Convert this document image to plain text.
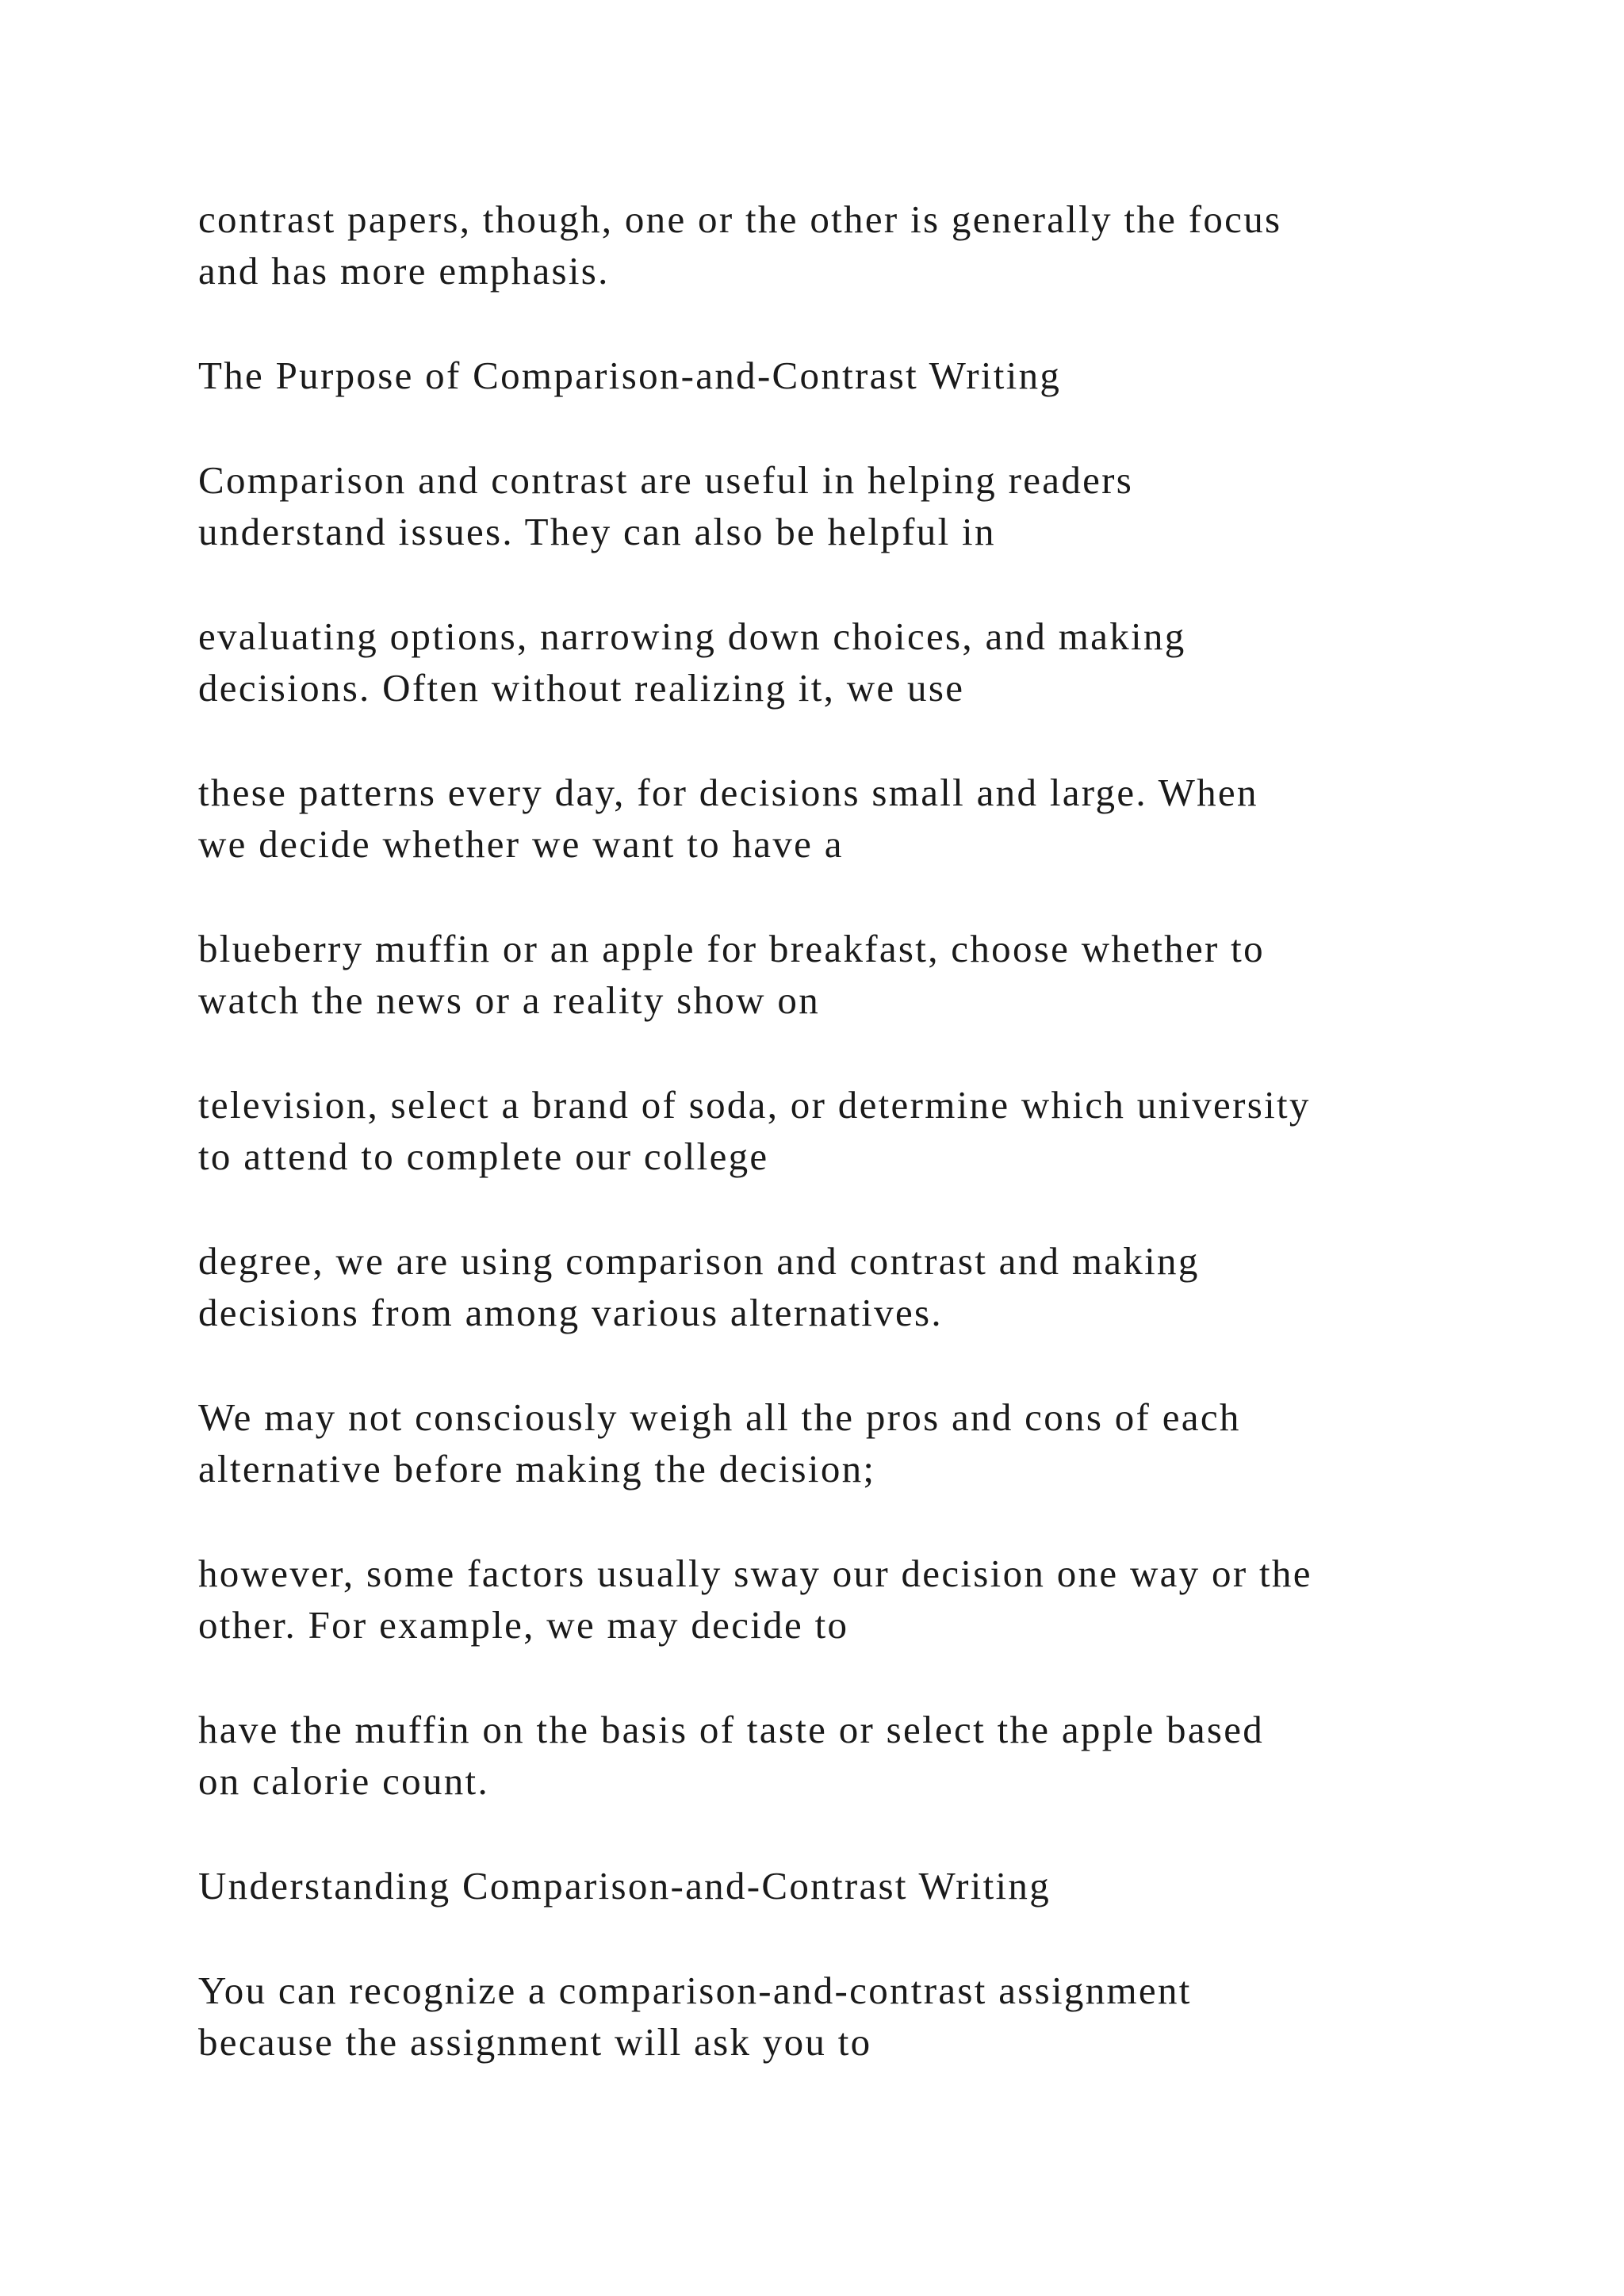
contrast papers, though, one or the other is generally the focus
and has more emphasis.
The Purpose of Comparison-and-Contrast Writing
Comparison and contrast are useful in helping readers
understand issues. They can also be helpful in
evaluating options, narrowing down choices, and making
decisions. Often without realizing it, we use
these patterns every day, for decisions small and large. When
we decide whether we want to have a
blueberry muffin or an apple for breakfast, choose whether to
watch the news or a reality show on
television, select a brand of soda, or determine which university
to attend to complete our college
degree, we are using comparison and contrast and making
decisions from among various alternatives.
We may not consciously weigh all the pros and cons of each
alternative before making the decision;
however, some factors usually sway our decision one way or the
other. For example, we may decide to
have the muffin on the basis of taste or select the apple based
on calorie count.
Understanding Comparison-and-Contrast Writing
You can recognize a comparison-and-contrast assignment
because the assignment will ask you to
